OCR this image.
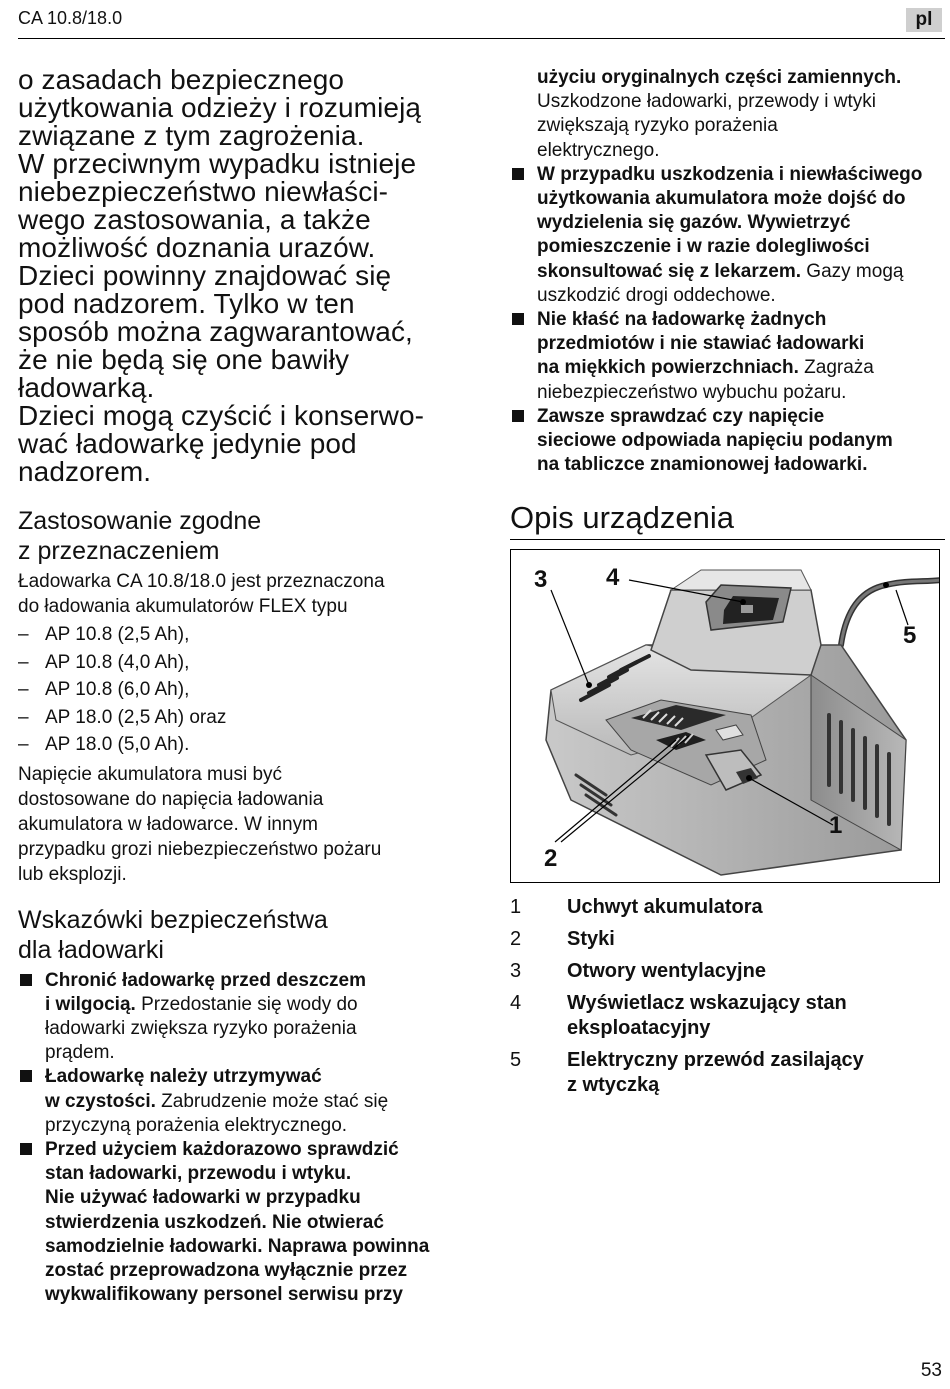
CA 10.8/18.0	pl
o zasadach bezpiecznego
użytkowania odzieży i rozumieją
związane z tym zagrożenia.
W przeciwnym wypadku istnieje
niebezpieczeństwo niewłaści-
wego zastosowania, a także
możliwość doznania urazów.
Dzieci powinny znajdować się
pod nadzorem. Tylko w ten
sposób można zagwarantować,
że nie będą się one bawiły
ładowarką.
Dzieci mogą czyścić i konserwo-
wać ładowarkę jedynie pod
nadzorem.
Zastosowanie zgodne
z przeznaczeniem
Ładowarka CA 10.8/18.0 jest przeznaczona
do ładowania akumulatorów FLEX typu
– AP 10.8 (2,5 Ah),
– AP 10.8 (4,0 Ah),
– AP 10.8 (6,0 Ah),
– AP 18.0 (2,5 Ah) oraz
– AP 18.0 (5,0 Ah).
Napięcie akumulatora musi być
dostosowane do napięcia ładowania
akumulatora w ładowarce. W innym
przypadku grozi niebezpieczeństwo pożaru
lub eksplozji.
Wskazówki bezpieczeństwa
dla ładowarki
Chronić ładowarkę przed deszczem
i wilgocią. Przedostanie się wody do
ładowarki zwiększa ryzyko porażenia
prądem.
Ładowarkę należy utrzymywać
w czystości. Zabrudzenie może stać się
przyczyną porażenia elektrycznego.
Przed użyciem każdorazowo sprawdzić
stan ładowarki, przewodu i wtyku.
Nie używać ładowarki w przypadku
stwierdzenia uszkodzeń. Nie otwierać
samodzielnie ładowarki. Naprawa powinna
zostać przeprowadzona wyłącznie przez
wykwalifikowany personel serwisu przy
użyciu oryginalnych części zamiennych.
Uszkodzone ładowarki, przewody i wtyki
zwiększają ryzyko porażenia
elektrycznego.
W przypadku uszkodzenia i niewłaściwego
użytkowania akumulatora może dojść do
wydzielenia się gazów. Wywietrzyć
pomieszczenie i w razie dolegliwości
skonsultować się z lekarzem. Gazy mogą
uszkodzić drogi oddechowe.
Nie kłaść na ładowarkę żadnych
przedmiotów i nie stawiać ładowarki
na miękkich powierzchniach. Zagraża
niebezpieczeństwo wybuchu pożaru.
Zawsze sprawdzać czy napięcie
sieciowe odpowiada napięciu podanym
na tabliczce znamionowej ładowarki.
Opis urządzenia
3 4
5
1
2
1	Uchwyt akumulatora
2	Styki
3	Otwory wentylacyjne
4	Wyświetlacz wskazujący stan
eksploatacyjny
5	Elektryczny przewód zasilający
z wtyczką
53
